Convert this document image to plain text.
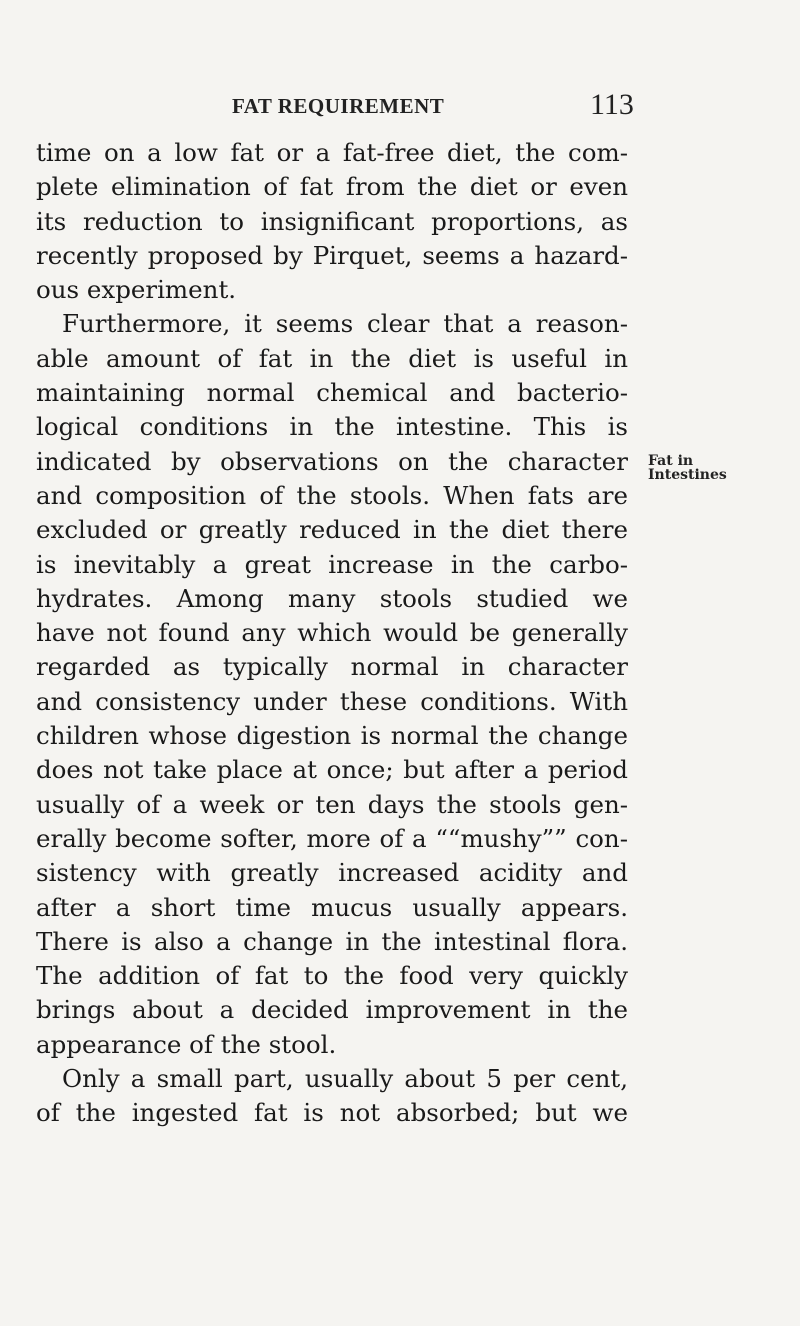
FAT REQUIREMENT	113
time on a low fat or a fat-free diet, the com-
plete elimination of fat from the diet or even
its reduction to insignificant proportions, as
recently proposed by Pirquet, seems a hazard-
ous experiment.
Furthermore, it seems clear that a reason-
able amount of fat in the diet is useful in
maintaining normal chemical and bacterio-
logical conditions in the intestine. This is
indicated by observations on the character
and composition of the stools. When fats are
excluded or greatly reduced in the diet there
is inevitably a great increase in the carbo-
hydrates. Among many stools studied we
have not found any which would be generally
regarded as typically normal in character
and consistency under these conditions. With
children whose digestion is normal the change
does not take place at once; but after a period
usually of a week or ten days the stools gen-
erally become softer, more of a ““mushy”” con-
sistency with greatly increased acidity and
after a short time mucus usually appears.
There is also a change in the intestinal flora.
The addition of fat to the food very quickly
brings about a decided improvement in the
appearance of the stool.
Only a small part, usually about 5 per cent,
of the ingested fat is not absorbed; but we
Fat in
Intestines
